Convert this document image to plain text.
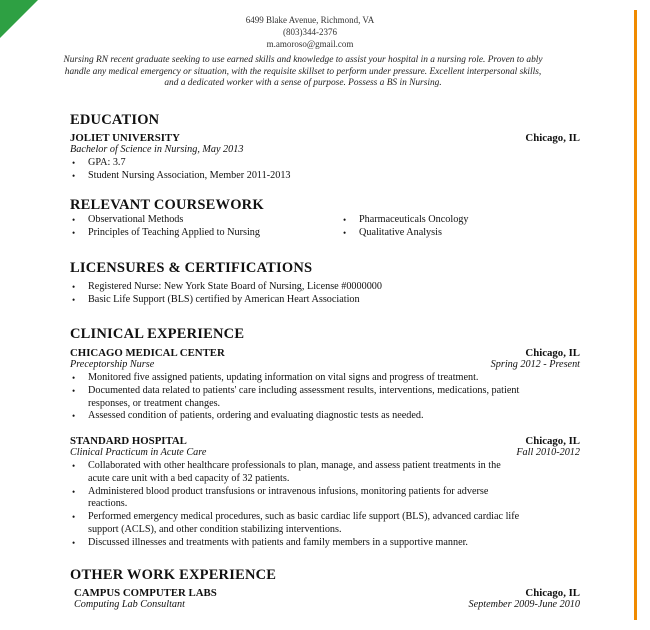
6499 Blake Avenue, Richmond, VA
(803)344-2376
m.amoroso@gmail.com
Nursing RN recent graduate seeking to use earned skills and knowledge to assist your hospital in a nursing role. Proven to ably handle any medical emergency or situation, with the requisite skillset to perform under pressure. Excellent interpersonal skills, and a dedicated worker with a sense of purpose. Possess a BS in Nursing.
EDUCATION
JOLIET UNIVERSITY	Chicago, IL
Bachelor of Science in Nursing, May 2013
• GPA: 3.7
• Student Nursing Association, Member 2011-2013
RELEVANT COURSEWORK
• Observational Methods
• Principles of Teaching Applied to Nursing
• Pharmaceuticals Oncology
• Qualitative Analysis
LICENSURES & CERTIFICATIONS
• Registered Nurse: New York State Board of Nursing, License #0000000
• Basic Life Support (BLS) certified by American Heart Association
CLINICAL EXPERIENCE
CHICAGO MEDICAL CENTER	Chicago, IL
Preceptorship Nurse	Spring 2012 - Present
• Monitored five assigned patients, updating information on vital signs and progress of treatment.
• Documented data related to patients' care including assessment results, interventions, medications, patient responses, or treatment changes.
• Assessed condition of patients, ordering and evaluating diagnostic tests as needed.
STANDARD HOSPITAL	Chicago, IL
Clinical Practicum in Acute Care	Fall 2010-2012
• Collaborated with other healthcare professionals to plan, manage, and assess patient treatments in the acute care unit with a bed capacity of 32 patients.
• Administered blood product transfusions or intravenous infusions, monitoring patients for adverse reactions.
• Performed emergency medical procedures, such as basic cardiac life support (BLS), advanced cardiac life support (ACLS), and other condition stabilizing interventions.
• Discussed illnesses and treatments with patients and family members in a supportive manner.
OTHER WORK EXPERIENCE
CAMPUS COMPUTER LABS	Chicago, IL
Computing Lab Consultant	September 2009-June 2010
